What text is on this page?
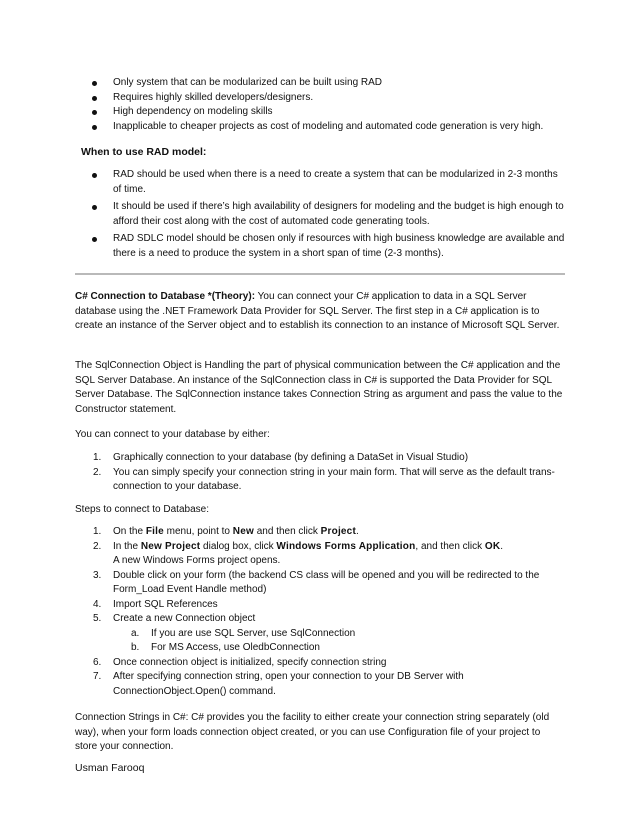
Only system that can be modularized can be built using RAD
Requires highly skilled developers/designers.
High dependency on modeling skills
Inapplicable to cheaper projects as cost of modeling and automated code generation is very high.
When to use RAD model:
RAD should be used when there is a need to create a system that can be modularized in 2-3 months of time.
It should be used if there’s high availability of designers for modeling and the budget is high enough to afford their cost along with the cost of automated code generating tools.
RAD SDLC model should be chosen only if resources with high business knowledge are available and there is a need to produce the system in a short span of time (2-3 months).

C# Connection to Database *(Theory): You can connect your C# application to data in a SQL Server database using the .NET Framework Data Provider for SQL Server. The first step in a C# application is to create an instance of the Server object and to establish its connection to an instance of Microsoft SQL Server.

The SqlConnection Object is Handling the part of physical communication between the C# application and the SQL Server Database. An instance of the SqlConnection class in C# is supported the Data Provider for SQL Server Database. The SqlConnection instance takes Connection String as argument and pass the value to the Constructor statement.

You can connect to your database by either:

1. Graphically connection to your database (by defining a DataSet in Visual Studio)
2. You can simply specify your connection string in your main form. That will serve as the default trans-connection to your database.

Steps to connect to Database:

1. On the File menu, point to New and then click Project.
2. In the New Project dialog box, click Windows Forms Application, and then click OK.
A new Windows Forms project opens.
3. Double click on your form (the backend CS class will be opened and you will be redirected to the Form_Load Event Handle method)
4. Import SQL References
5. Create a new Connection object
a. If you are use SQL Server, use SqlConnection
b. For MS Access, use OledbConnection
6. Once connection object is initialized, specify connection string
7. After specifying connection string, open your connection to your DB Server with ConnectionObject.Open() command.

Connection Strings in C#: C# provides you the facility to either create your connection string separately (old way), when your form loads connection object created, or you can use Configuration file of your project to store your connection.

Usman Farooq
